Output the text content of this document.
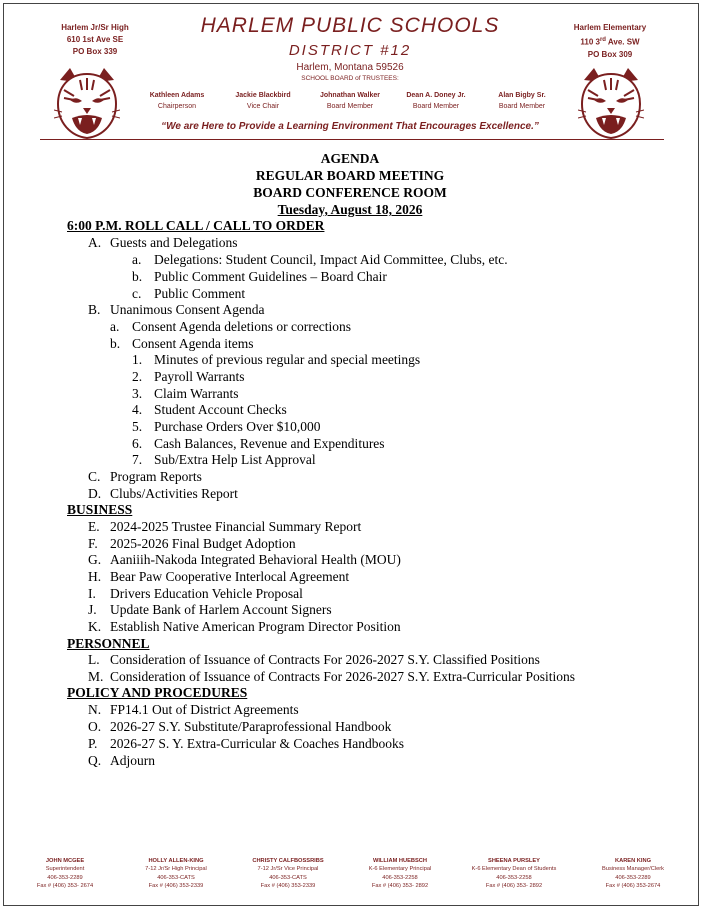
Harlem Jr/Sr High
610 1st Ave SE
PO Box 339
Harlem Elementary
110 3rd Ave. SW
PO Box 309
HARLEM PUBLIC SCHOOLS
DISTRICT #12
Harlem, Montana 59526
SCHOOL BOARD of TRUSTEES:
Kathleen Adams
Chairperson
Jackie Blackbird
Vice Chair
Johnathan Walker
Board Member
Dean A. Doney Jr.
Board Member
Alan Bigby Sr.
Board Member
“We are Here to Provide a Learning Environment That Encourages Excellence.”
AGENDA
REGULAR BOARD MEETING
BOARD CONFERENCE ROOM
Tuesday, August 18, 2026
6:00 P.M. ROLL CALL / CALL TO ORDER
A. Guests and Delegations
a. Delegations: Student Council, Impact Aid Committee, Clubs, etc.
b. Public Comment Guidelines – Board Chair
c. Public Comment
B. Unanimous Consent Agenda
a. Consent Agenda deletions or corrections
b. Consent Agenda items
1. Minutes of previous regular and special meetings
2. Payroll Warrants
3. Claim Warrants
4. Student Account Checks
5. Purchase Orders Over $10,000
6. Cash Balances, Revenue and Expenditures
7. Sub/Extra Help List Approval
C. Program Reports
D. Clubs/Activities Report
BUSINESS
E. 2024-2025 Trustee Financial Summary Report
F. 2025-2026 Final Budget Adoption
G. Aaniiih-Nakoda Integrated Behavioral Health (MOU)
H. Bear Paw Cooperative Interlocal Agreement
I. Drivers Education Vehicle Proposal
J. Update Bank of Harlem Account Signers
K. Establish Native American Program Director Position
PERSONNEL
L. Consideration of Issuance of Contracts For 2026-2027 S.Y. Classified Positions
M. Consideration of Issuance of Contracts For 2026-2027 S.Y. Extra-Curricular Positions
POLICY AND PROCEDURES
N. FP14.1 Out of District Agreements
O. 2026-27 S.Y. Substitute/Paraprofessional Handbook
P. 2026-27 S. Y. Extra-Curricular & Coaches Handbooks
Q. Adjourn
JOHN MCGEE
Superintendent
406-353-2289
Fax # (406) 353- 2674
HOLLY ALLEN-KING
7-12 Jr/Sr High Principal
406-353-CATS
Fax # (406) 353-2339
CHRISTY CALFBOSSRIBS
7-12 Jr/Sr Vice Principal
406-353-CATS
Fax # (406) 353-2339
WILLIAM HUEBSCH
K-6 Elementary Principal
406-353-2258
Fax # (406) 353- 2892
SHEENA PURSLEY
K-6 Elementary Dean of Students
406-353-2258
Fax # (406) 353- 2892
KAREN KING
Business Manager/Clerk
406-353-2289
Fax # (406) 353-2674
